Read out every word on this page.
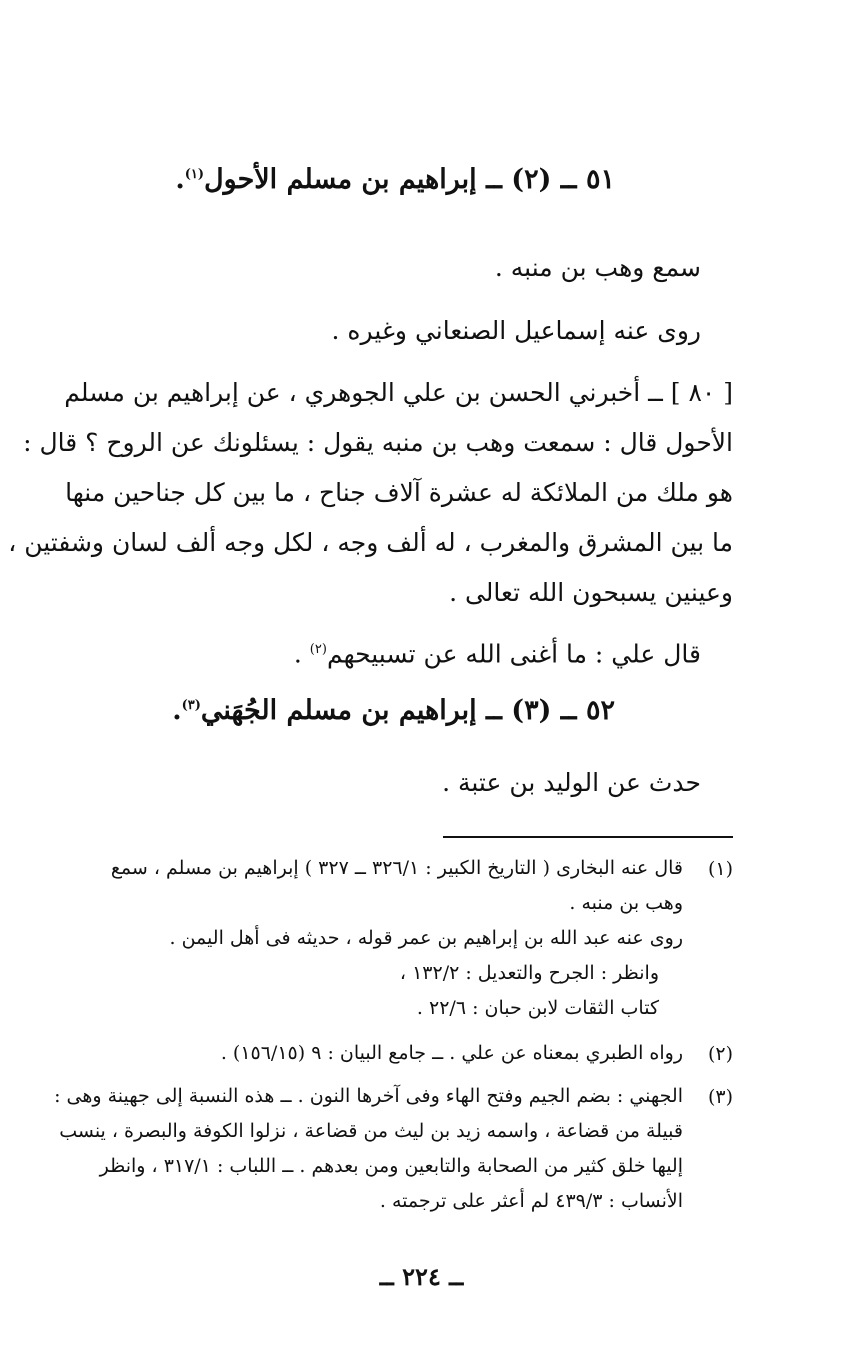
٥١ ــ (٢) ــ إبراهيم بن مسلم الأحول$^{(١)}$.

سمع وهب بن منبه .

روى عنه إسماعيل الصنعاني وغيره .

[ ٨٠ ] ــ أخبرني الحسن بن علي الجوهري ، عن إبراهيم بن مسلم
الأحول قال : سمعت وهب بن منبه يقول : يسئلونك عن الروح ؟ قال :
هو ملك من الملائكة له عشرة آلاف جناح ، ما بين كل جناحين منها
ما بين المشرق والمغرب ، له ألف وجه ، لكل وجه ألف لسان وشفتين ،
وعينين يسبحون الله تعالى .

قال علي : ما أغنى الله عن تسبيحهم$^{(٢)}$ .

٥٢ ــ (٣) ــ إبراهيم بن مسلم الجُهَني$^{(٣)}$.

حدث عن الوليد بن عتبة .

(١)
قال عنه البخارى ( التاريخ الكبير : ٣٢٦/١ ــ ٣٢٧ ) إبراهيم بن مسلم ، سمع
وهب بن منبه .
روى عنه عبد الله بن إبراهيم بن عمر قوله ، حديثه فى أهل اليمن .
وانظر : الجرح والتعديل : ١٣٢/٢ ،
كتاب الثقات لابن حبان : ٢٢/٦ .
(٢)
رواه الطبري بمعناه عن علي . ــ جامع البيان : ٩ (١٥٦/١٥) .
(٣)
الجهني : بضم الجيم وفتح الهاء وفى آخرها النون . ــ هذه النسبة إلى جهينة وهى :
قبيلة من قضاعة ، واسمه زيد بن ليث من قضاعة ، نزلوا الكوفة والبصرة ، ينسب
إليها خلق كثير من الصحابة والتابعين ومن بعدهم . ــ اللباب : ٣١٧/١ ، وانظر
الأنساب : ٤٣٩/٣ لم أعثر على ترجمته .

ــ ٢٢٤ ــ
